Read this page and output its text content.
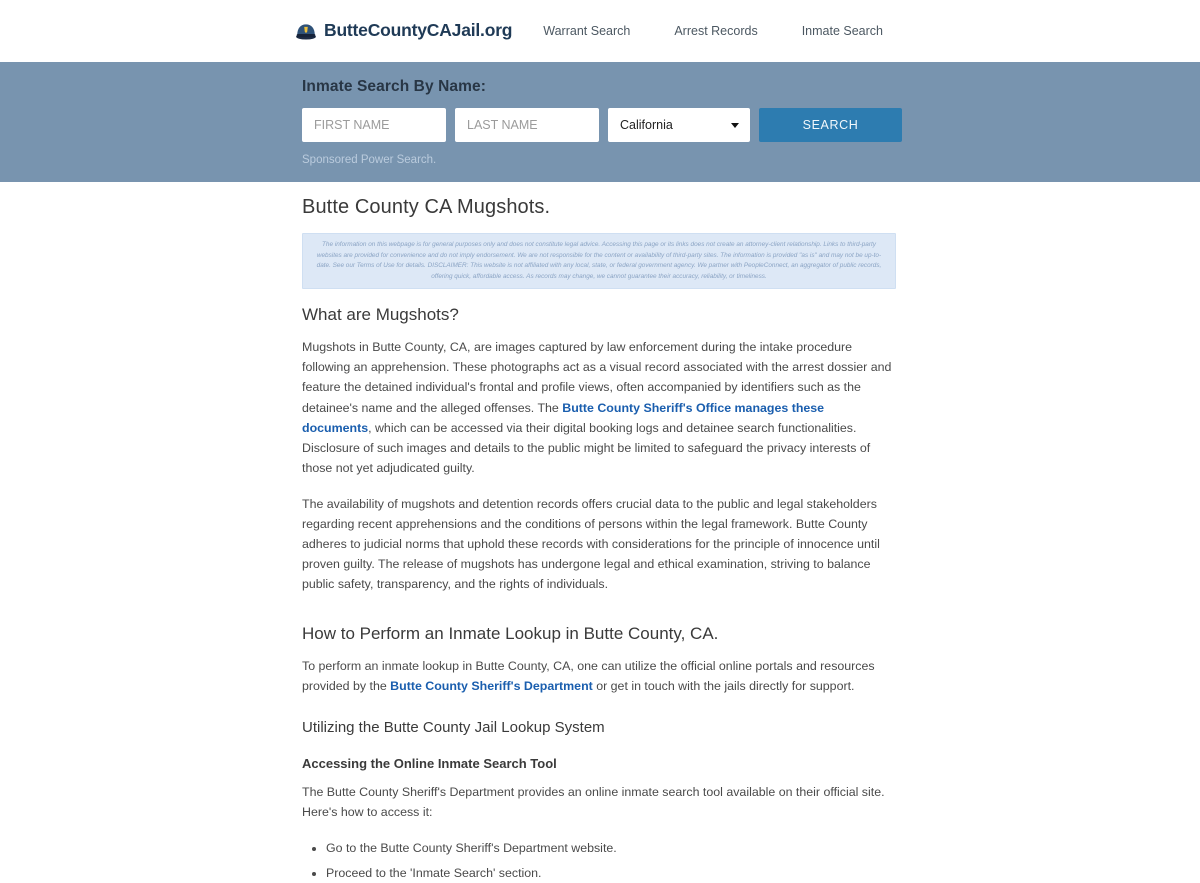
ButteCountyCAJail.org	Warrant Search	Arrest Records	Inmate Search
Inmate Search By Name:
FIRST NAME
LAST NAME
California
SEARCH
Sponsored Power Search.
Butte County CA Mugshots.
The information on this webpage is for general purposes only and does not constitute legal advice. Accessing this page or its links does not create an attorney-client relationship. Links to third-party websites are provided for convenience and do not imply endorsement. We are not responsible for the content or availability of third-party sites. The information is provided "as is" and may not be up-to-date. See our Terms of Use for details. DISCLAIMER: This website is not affiliated with any local, state, or federal government agency. We partner with PeopleConnect, an aggregator of public records, offering quick, affordable access. As records may change, we cannot guarantee their accuracy, reliability, or timeliness.
What are Mugshots?

Mugshots in Butte County, CA, are images captured by law enforcement during the intake procedure following an apprehension. These photographs act as a visual record associated with the arrest dossier and feature the detained individual's frontal and profile views, often accompanied by identifiers such as the detainee's name and the alleged offenses. The Butte County Sheriff's Office manages these documents, which can be accessed via their digital booking logs and detainee search functionalities. Disclosure of such images and details to the public might be limited to safeguard the privacy interests of those not yet adjudicated guilty.

The availability of mugshots and detention records offers crucial data to the public and legal stakeholders regarding recent apprehensions and the conditions of persons within the legal framework. Butte County adheres to judicial norms that uphold these records with considerations for the principle of innocence until proven guilty. The release of mugshots has undergone legal and ethical examination, striving to balance public safety, transparency, and the rights of individuals.

How to Perform an Inmate Lookup in Butte County, CA.

To perform an inmate lookup in Butte County, CA, one can utilize the official online portals and resources provided by the Butte County Sheriff's Department or get in touch with the jails directly for support.

Utilizing the Butte County Jail Lookup System
Accessing the Online Inmate Search Tool

The Butte County Sheriff's Department provides an online inmate search tool available on their official site. Here's how to access it:

• Go to the Butte County Sheriff's Department website.
• Proceed to the 'Inmate Search' section.
